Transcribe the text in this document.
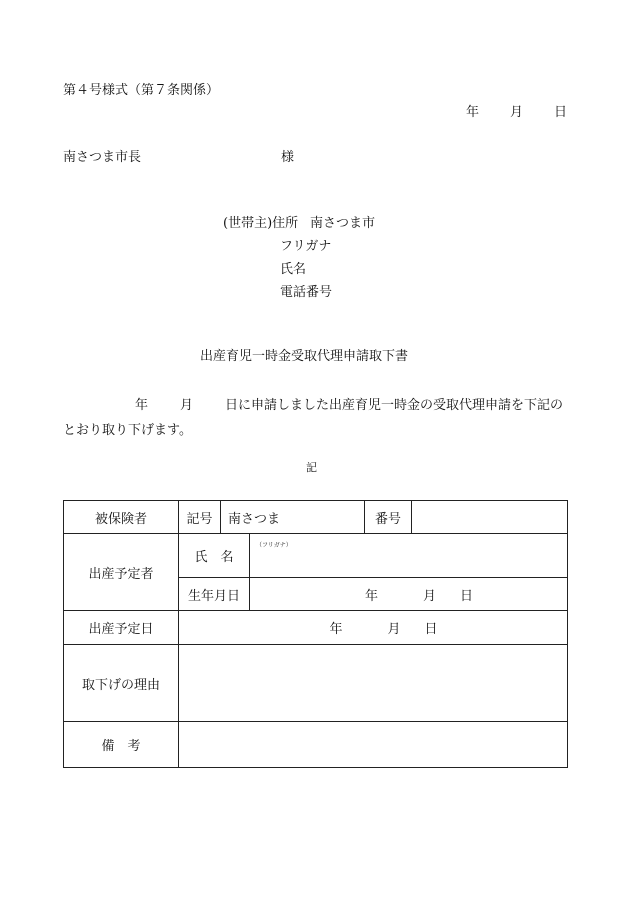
第４号様式（第７条関係）
年 月 日
南さつま市長	様
(世帯主)住所 南さつま市
フリガナ
氏名
電話番号
出産育児一時金受取代理申請取下書
年 月 日に申請しました出産育児一時金の受取代理申請を下記のとおり取り下げます。
記
被保険者	記号	南さつま		番号	
出産予定者	氏　名		（フリガナ）		

	生年月日		年 月 日		
出産予定日	年 月 日				
取下げの理由					
備　考					
